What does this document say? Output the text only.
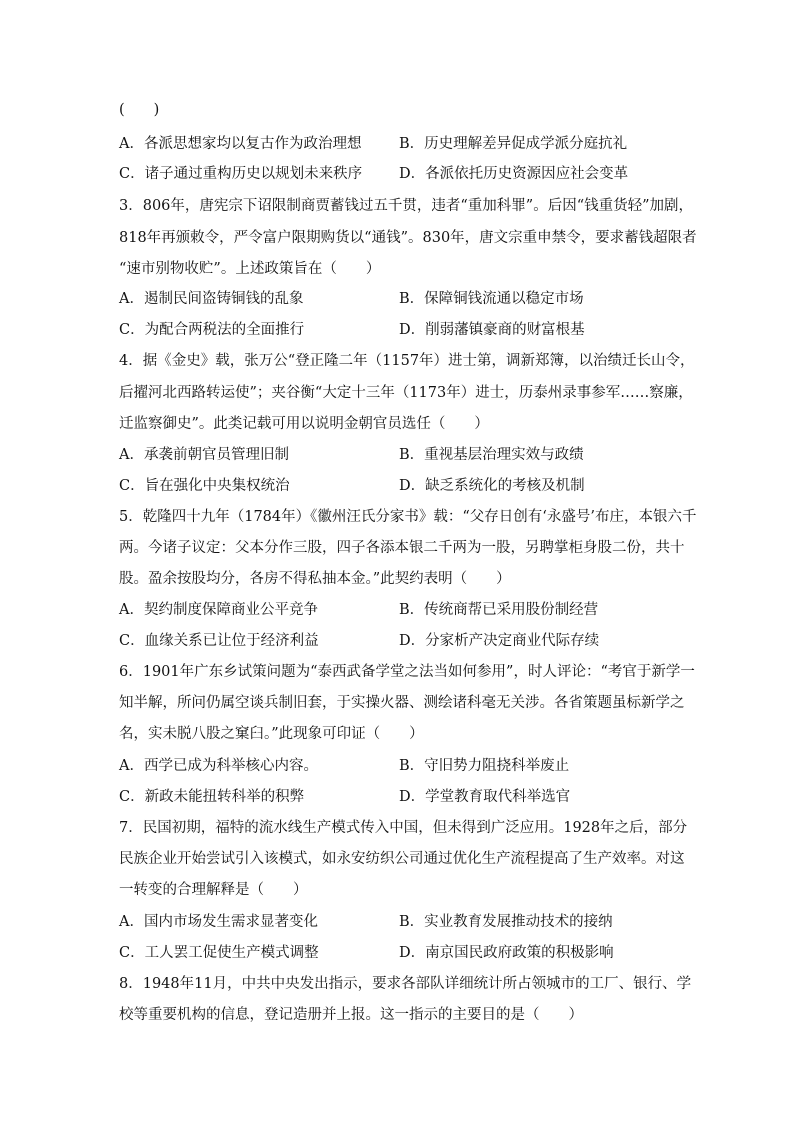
(　　)
A．各派思想家均以复古作为政治理想	B．历史理解差异促成学派分庭抗礼
C．诸子通过重构历史以规划未来秩序	D．各派依托历史资源因应社会变革
3．806年，唐宪宗下诏限制商贾蓄钱过五千贯，违者“重加科罪”。后因“钱重货轻”加剧，
818年再颁敕令，严令富户限期购货以“通钱”。830年，唐文宗重申禁令，要求蓄钱超限者
“速市别物收贮”。上述政策旨在（　　）
A．遏制民间盗铸铜钱的乱象	B．保障铜钱流通以稳定市场
C．为配合两税法的全面推行	D．削弱藩镇豪商的财富根基
4．据《金史》载，张万公“登正隆二年（1157年）进士第，调新郑簿，以治绩迁长山令，
后擢河北西路转运使”；夹谷衡“大定十三年（1173年）进士，历泰州录事参军……察廉，
迁监察御史”。此类记载可用以说明金朝官员选任（　　）
A．承袭前朝官员管理旧制	B．重视基层治理实效与政绩
C．旨在强化中央集权统治	D．缺乏系统化的考核及机制
5．乾隆四十九年（1784年）《徽州汪氏分家书》载：“父存日创有‘永盛号’布庄，本银六千
两。今诸子议定：父本分作三股，四子各添本银二千两为一股，另聘掌柜身股二份，共十
股。盈余按股均分，各房不得私抽本金。”此契约表明（　　）
A．契约制度保障商业公平竞争	B．传统商帮已采用股份制经营
C．血缘关系已让位于经济利益	D．分家析产决定商业代际存续
6．1901年广东乡试策问题为“泰西武备学堂之法当如何参用”，时人评论：“考官于新学一
知半解，所问仍属空谈兵制旧套，于实操火器、测绘诸科毫无关涉。各省策题虽标新学之
名，实未脱八股之窠臼。”此现象可印证（　　）
A．西学已成为科举核心内容。	B．守旧势力阻挠科举废止
C．新政未能扭转科举的积弊	D．学堂教育取代科举选官
7．民国初期，福特的流水线生产模式传入中国，但未得到广泛应用。1928年之后，部分
民族企业开始尝试引入该模式，如永安纺织公司通过优化生产流程提高了生产效率。对这
一转变的合理解释是（　　）
A．国内市场发生需求显著变化	B．实业教育发展推动技术的接纳
C．工人罢工促使生产模式调整	D．南京国民政府政策的积极影响
8．1948年11月，中共中央发出指示，要求各部队详细统计所占领城市的工厂、银行、学
校等重要机构的信息，登记造册并上报。这一指示的主要目的是（　　）
